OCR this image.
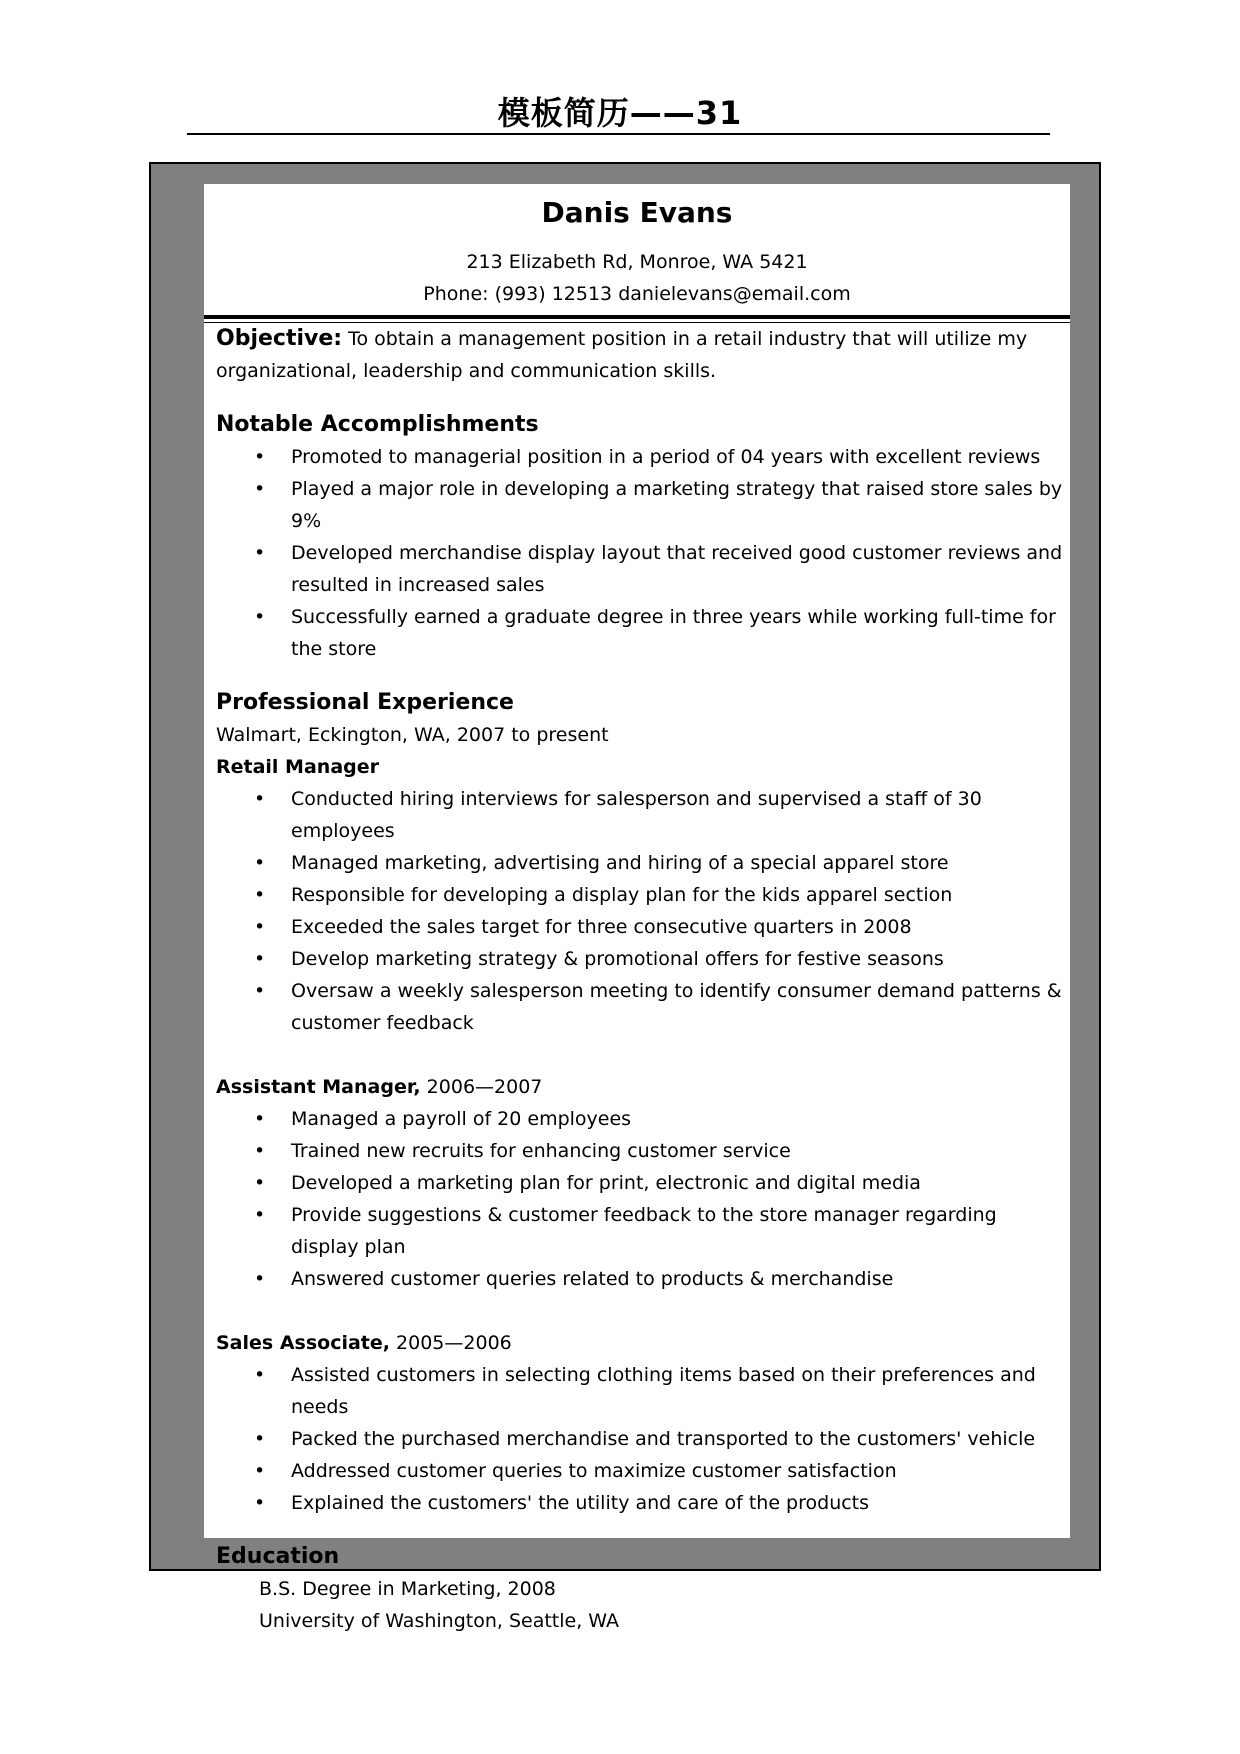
模板简历——31
Danis Evans
213 Elizabeth Rd, Monroe, WA 5421
Phone: (993) 12513 danielevans@email.com
Objective: To obtain a management position in a retail industry that will utilize my organizational, leadership and communication skills.
Notable Accomplishments
• Promoted to managerial position in a period of 04 years with excellent reviews
• Played a major role in developing a marketing strategy that raised store sales by 9%
• Developed merchandise display layout that received good customer reviews and resulted in increased sales
• Successfully earned a graduate degree in three years while working full-time for the store
Professional Experience
Walmart, Eckington, WA, 2007 to present
Retail Manager
• Conducted hiring interviews for salesperson and supervised a staff of 30 employees
• Managed marketing, advertising and hiring of a special apparel store
• Responsible for developing a display plan for the kids apparel section
• Exceeded the sales target for three consecutive quarters in 2008
• Develop marketing strategy & promotional offers for festive seasons
• Oversaw a weekly salesperson meeting to identify consumer demand patterns & customer feedback
Assistant Manager, 2006—2007
• Managed a payroll of 20 employees
• Trained new recruits for enhancing customer service
• Developed a marketing plan for print, electronic and digital media
• Provide suggestions & customer feedback to the store manager regarding display plan
• Answered customer queries related to products & merchandise
Sales Associate, 2005—2006
• Assisted customers in selecting clothing items based on their preferences and needs
• Packed the purchased merchandise and transported to the customers' vehicle
• Addressed customer queries to maximize customer satisfaction
• Explained the customers' the utility and care of the products
Education
B.S. Degree in Marketing, 2008
University of Washington, Seattle, WA
